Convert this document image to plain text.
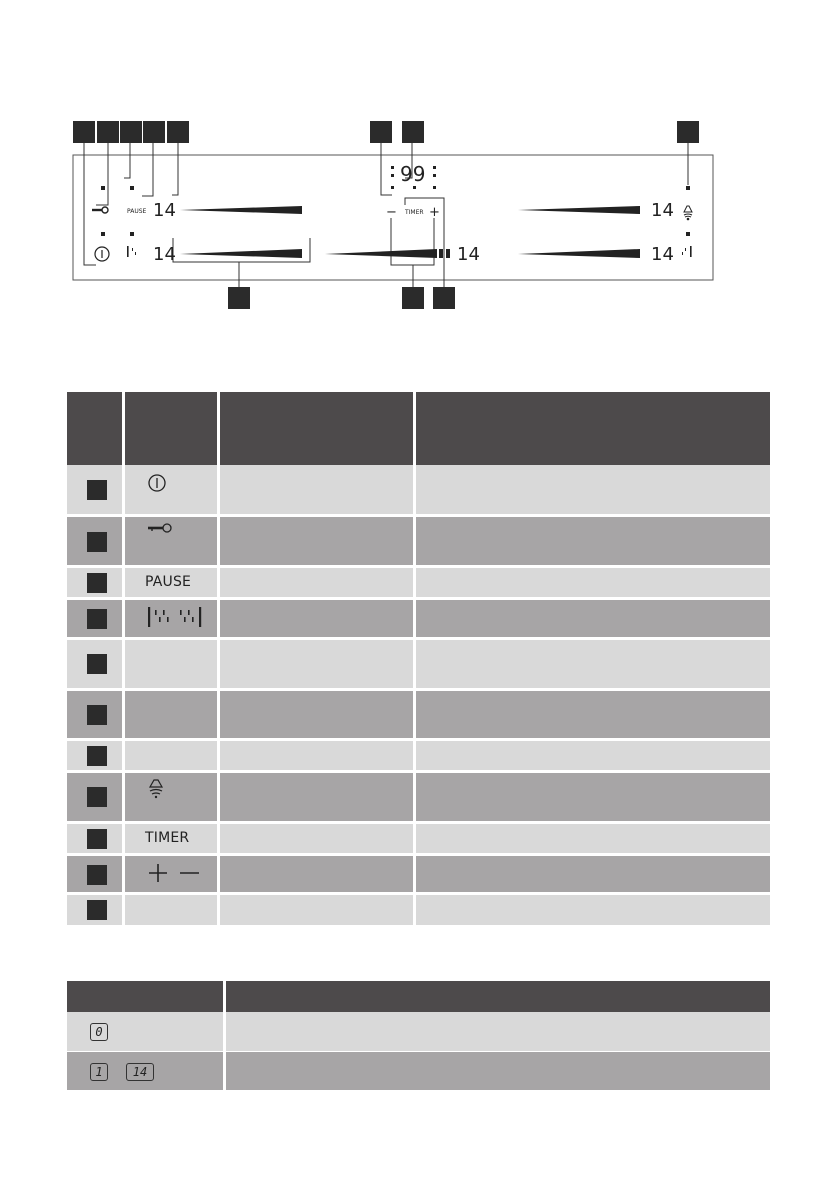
14
14	14
14
14
99
PAUSE	TIMER
− +
PAUSE
TIMER
0
1	14
